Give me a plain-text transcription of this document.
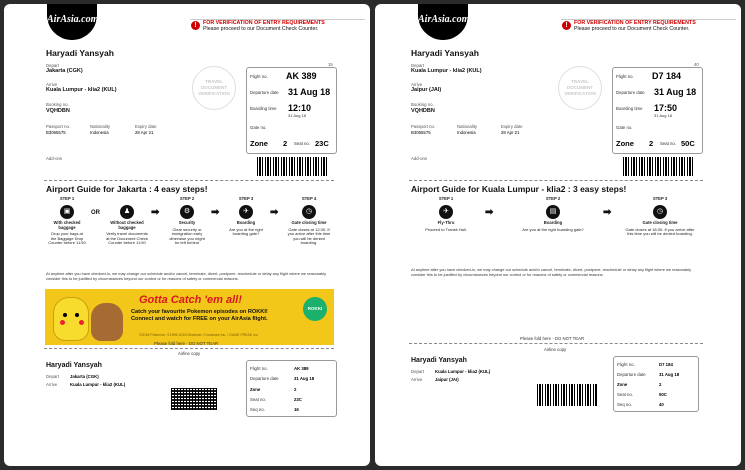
AirAsia.com
!	FOR VERIFICATION OF ENTRY REQUIREMENTS
Please proceed to our Document Check Counter.
Haryadi Yansyah
15
Depart
Jakarta (CGK)
Arrive
Kuala Lumpur - klia2 (KUL)
Booking no.
VQHDBN
Passport no.
B3065575
Nationality
Indonesia
Expiry date
28 Apr 21
Add-ons
TRAVEL DOCUMENT VERIFICATION
Flight no. AK 389
Departure date 31 Aug 18
Boarding time 12:10
31 Aug 18
Gate no.
Zone 2 Seat no. 23C
Airport Guide for Jakarta : 4 easy steps!
STEP 1
▣
With checked baggage
Drop your bags at the Baggage Drop Counter before 11:50
OR	♟
Without checked baggage
Verify travel documents at the Document Check Counter before 11:50
➡
STEP 2
⚙
Security
Clear security or immigration early otherwise you might be left behind
➡
STEP 3
✈
Boarding
Are you at the right boarding gate?
➡
STEP 4
◷
Gate closing time
Gate closes at 12:30. If you arrive after this time you will be denied boarding.
At anytime after you have checked-in, we may change our schedule and/or cancel, terminate, divert, postpone, reschedule or delay any flight where we reasonably consider this to be justified by circumstances beyond our control or for reasons of safety or commercial reasons.
Gotta Catch 'em all!
Catch your favourite Pokemon episodes on ROKKI! Connect and watch for FREE on your AirAsia flight.
©2018 Pokemon. ©1995-2018 Nintendo / Creatures Inc. / GAME FREAK inc.
ROKKI
Please fold here - DO NOT TEAR
Airline copy
Haryadi Yansyah
Depart	Jakarta (CGK)
Arrive	Kuala Lumpur - klia2 (KUL)
Flight no.	AK 389
Departure date	31 Aug 18
Zone	2
Seat no.	23C
Seq no.	16
AirAsia.com
!	FOR VERIFICATION OF ENTRY REQUIREMENTS
Please proceed to our Document Check Counter.
Haryadi Yansyah
40
Depart
Kuala Lumpur - klia2 (KUL)
Arrive
Jaipur (JAI)
Booking no.
VQHDBN
Passport no.
B3065575
Nationality
Indonesia
Expiry date
28 Apr 21
Add-ons
TRAVEL DOCUMENT VERIFICATION
Flight no. D7 184
Departure date 31 Aug 18
Boarding time 17:50
31 Aug 18
Gate no.
Zone 2 Seat no. 50C
Airport Guide for Kuala Lumpur - klia2 : 3 easy steps!
STEP 1
✈
Fly-Thru
Proceed to Transit Hall.
➡
STEP 2
▤
Boarding
Are you at the right boarding gate?
➡
STEP 3
◷
Gate closing time
Gate closes at 18:30. If you arrive after this time you will be denied boarding.
At anytime after you have checked-in, we may change our schedule and/or cancel, terminate, divert, postpone, reschedule or delay any flight where we reasonably consider this to be justified by circumstances beyond our control or for reasons of safety or commercial reasons.
Please fold here - DO NOT TEAR
Airline copy
Haryadi Yansyah
Depart	Kuala Lumpur - klia2 (KUL)
Arrive	Jaipur (JAI)
Flight no.	D7 184
Departure date	31 Aug 18
Zone	2
Seat no.	50C
Seq no.	40
